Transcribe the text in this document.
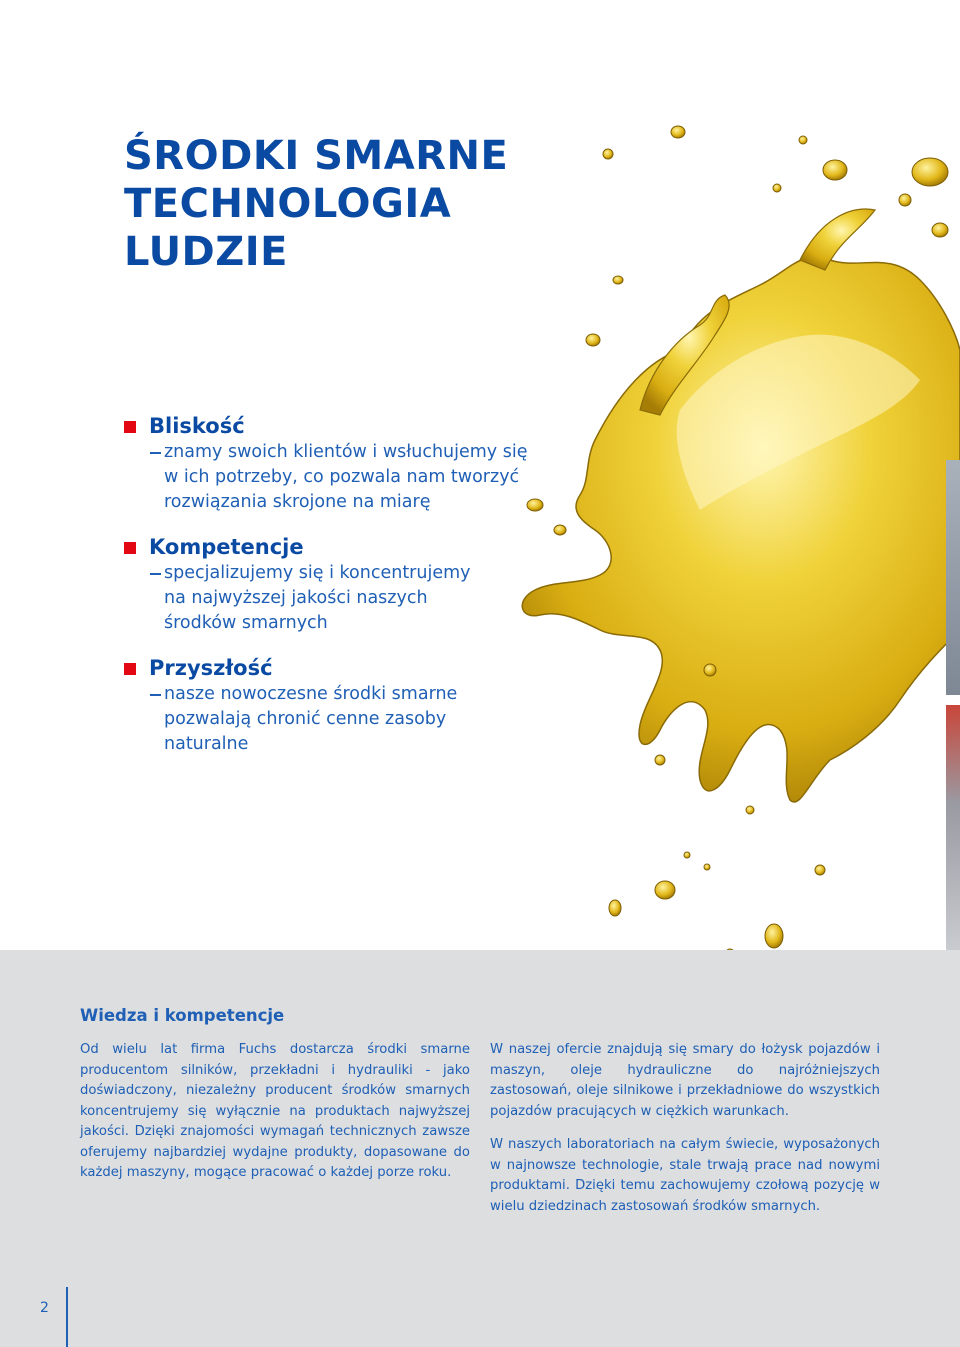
ŚRODKI SMARNE
TECHNOLOGIA
LUDZIE
Bliskość
znamy swoich klientów i wsłuchujemy się
w ich potrzeby, co pozwala nam tworzyć
rozwiązania skrojone na miarę
Kompetencje
specjalizujemy się i koncentrujemy
na najwyższej jakości naszych
środków smarnych
Przyszłość
nasze nowoczesne środki smarne
pozwalają chronić cenne zasoby
naturalne
Wiedza i kompetencje

Od wielu lat firma Fuchs dostarcza środki smarne producentom silników, przekładni i hydrauliki - jako doświadczony, niezależny producent środków smarnych koncentrujemy się wyłącznie na produktach najwyższej jakości. Dzięki znajomości wymagań technicznych zawsze oferujemy najbardziej wydajne produkty, dopasowane do każdej maszyny, mogące pracować o każdej porze roku.

W naszej ofercie znajdują się smary do łożysk pojazdów i maszyn, oleje hydrauliczne do najróżniejszych zastosowań, oleje silnikowe i przekładniowe do wszystkich pojazdów pracujących w ciężkich warunkach.

W naszych laboratoriach na całym świecie, wyposażonych w najnowsze technologie, stale trwają prace nad nowymi produktami. Dzięki temu zachowujemy czołową pozycję w wielu dziedzinach zastosowań środków smarnych.

2
